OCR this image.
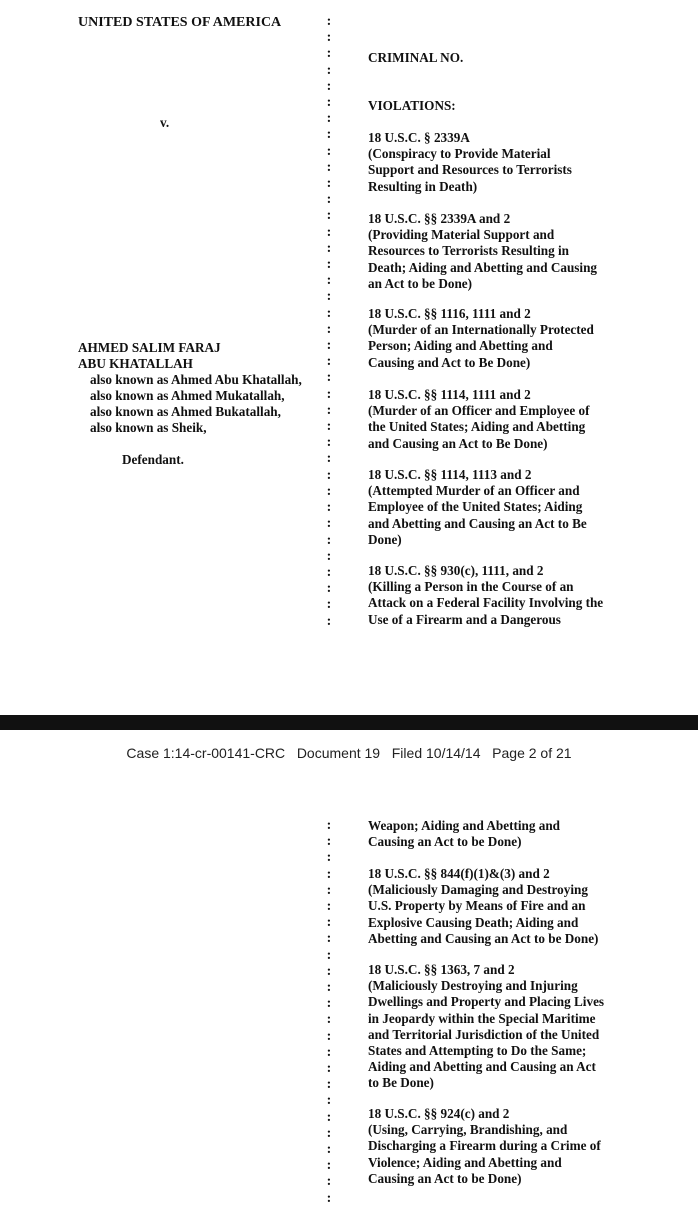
UNITED STATES OF AMERICA
v.
AHMED SALIM FARAJ
ABU KHATALLAH
also known as Ahmed Abu Khatallah,
also known as Ahmed Mukatallah,
also known as Ahmed Bukatallah,
also known as Sheik,
Defendant.
:
:
:
:
:
:
:
:
:
:
:
:
:
:
:
:
:
:
:
:
:
:
:
:
:
:
:
:
:
:
:
:
:
:
:
:
:
:
CRIMINAL NO.
VIOLATIONS:
18 U.S.C. § 2339A
(Conspiracy to Provide Material
Support and Resources to Terrorists
Resulting in Death)
18 U.S.C. §§ 2339A and 2
(Providing Material Support and
Resources to Terrorists Resulting in
Death; Aiding and Abetting and Causing
an Act to be Done)
18 U.S.C. §§ 1116, 1111 and 2
(Murder of an Internationally Protected
Person; Aiding and Abetting and
Causing and Act to Be Done)
18 U.S.C. §§ 1114, 1111 and 2
(Murder of an Officer and Employee of
the United States; Aiding and Abetting
and Causing an Act to Be Done)
18 U.S.C. §§ 1114, 1113 and 2
(Attempted Murder of an Officer and
Employee of the United States; Aiding
and Abetting and Causing an Act to Be
Done)
18 U.S.C. §§ 930(c), 1111, and 2
(Killing a Person in the Course of an
Attack on a Federal Facility Involving the
Use of a Firearm and a Dangerous
Case 1:14-cr-00141-CRC   Document 19   Filed 10/14/14   Page 2 of 21
:
:
:
:
:
:
:
:
:
:
:
:
:
:
:
:
:
:
:
:
:
:
:
:
Weapon; Aiding and Abetting and
Causing an Act to be Done)
18 U.S.C. §§ 844(f)(1)&(3) and 2
(Maliciously Damaging and Destroying
U.S. Property by Means of Fire and an
Explosive Causing Death; Aiding and
Abetting and Causing an Act to be Done)
18 U.S.C. §§ 1363, 7 and 2
(Maliciously Destroying and Injuring
Dwellings and Property and Placing Lives
in Jeopardy within the Special Maritime
and Territorial Jurisdiction of the United
States and Attempting to Do the Same;
Aiding and Abetting and Causing an Act
to Be Done)
18 U.S.C. §§ 924(c) and 2
(Using, Carrying, Brandishing, and
Discharging a Firearm during a Crime of
Violence; Aiding and Abetting and
Causing an Act to be Done)
